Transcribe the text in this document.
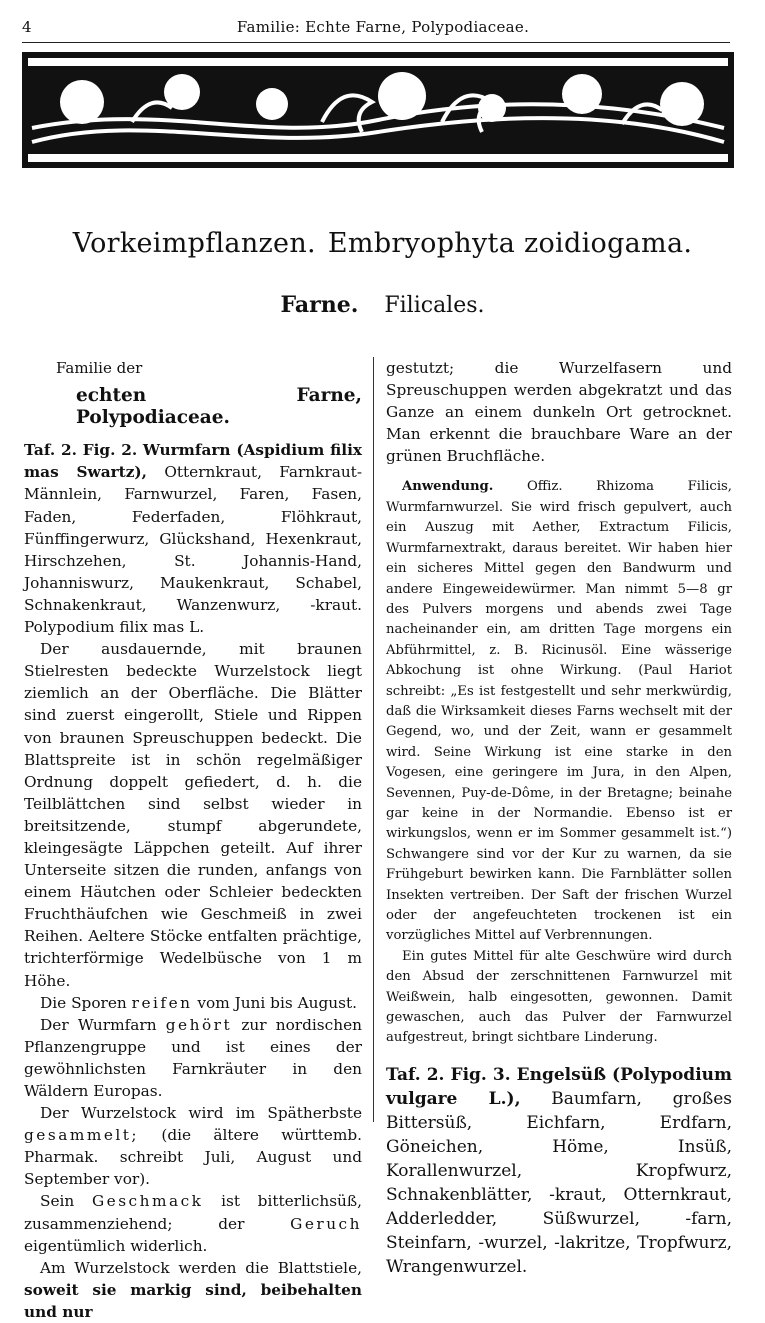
4	Familie: Echte Farne, Polypodiaceae.
Vorkeimpflanzen. Embryophyta zoidiogama.
Farne. Filicales.
Familie der
echten Farne, Polypodiaceae.

Taf. 2. Fig. 2. Wurmfarn (Aspidium filix mas Swartz), Otternkraut, Farnkraut-Männlein, Farnwurzel, Faren, Fasen, Faden, Federfaden, Flöhkraut, Fünffingerwurz, Glückshand, Hexenkraut, Hirschzehen, St. Johannis-Hand, Johanniswurz, Maukenkraut, Schabel, Schnakenkraut, Wanzenwurz, -kraut. Polypodium filix mas L.

Der ausdauernde, mit braunen Stielresten bedeckte Wurzelstock liegt ziemlich an der Oberfläche. Die Blätter sind zuerst eingerollt, Stiele und Rippen von braunen Spreuschuppen bedeckt. Die Blattspreite ist in schön regelmäßiger Ordnung doppelt gefiedert, d. h. die Teilblättchen sind selbst wieder in breitsitzende, stumpf abgerundete, kleingesägte Läppchen geteilt. Auf ihrer Unterseite sitzen die runden, anfangs von einem Häutchen oder Schleier bedeckten Fruchthäufchen wie Geschmeiß in zwei Reihen. Aeltere Stöcke entfalten prächtige, trichterförmige Wedelbüsche von 1 m Höhe.

Die Sporen reifen vom Juni bis August.

Der Wurmfarn gehört zur nordischen Pflanzengruppe und ist eines der gewöhnlichsten Farnkräuter in den Wäldern Europas.

Der Wurzelstock wird im Spätherbste gesammelt; (die ältere württemb. Pharmak. schreibt Juli, August und September vor).

Sein Geschmack ist bitterlichsüß, zusammenziehend; der	Geruch eigentümlich widerlich.

Am Wurzelstock werden die Blattstiele, soweit sie markig sind, beibehalten und nur

gestutzt; die Wurzelfasern und Spreuschuppen werden abgekratzt und das Ganze an einem dunkeln Ort getrocknet. Man erkennt die brauchbare Ware an der grünen Bruchfläche.

Anwendung.	Offiz. Rhizoma Filicis, Wurmfarnwurzel. Sie wird frisch gepulvert, auch ein Auszug mit Aether, Extractum Filicis, Wurmfarnextrakt, daraus bereitet. Wir haben hier ein sicheres Mittel gegen den Bandwurm und andere Eingeweidewürmer. Man nimmt 5—8 gr des Pulvers morgens und abends zwei Tage nacheinander ein, am dritten Tage morgens ein Abführmittel, z. B. Ricinusöl. Eine wässerige Abkochung ist ohne Wirkung. (Paul Hariot schreibt: „Es ist festgestellt und sehr merkwürdig, daß die Wirksamkeit dieses Farns wechselt mit der Gegend, wo, und der Zeit, wann er gesammelt wird. Seine Wirkung ist eine starke in den Vogesen, eine geringere im Jura, in den Alpen, Sevennen, Puy-de-Dôme, in der Bretagne; beinahe gar keine in der Normandie. Ebenso ist er wirkungslos, wenn er im Sommer gesammelt ist.“) Schwangere sind vor der Kur zu warnen, da sie Frühgeburt bewirken kann. Die Farnblätter sollen Insekten vertreiben. Der Saft der frischen Wurzel oder der angefeuchteten trockenen ist ein vorzügliches Mittel auf Verbrennungen.

Ein gutes Mittel für alte Geschwüre wird durch den Absud der zerschnittenen Farnwurzel mit Weißwein, halb eingesotten, gewonnen. Damit gewaschen, auch das Pulver der Farnwurzel aufgestreut, bringt sichtbare Linderung.

Taf. 2. Fig. 3. Engelsüß (Polypodium vulgare L.), Baumfarn, großes Bittersüß, Eichfarn, Erdfarn, Göneichen, Höme, Insüß, Korallenwurzel, Kropfwurz, Schnakenblätter, -kraut, Otternkraut, Adderledder, Süßwurzel, -farn, Steinfarn, -wurzel, -lakritze, Tropfwurz, Wrangenwurzel.
